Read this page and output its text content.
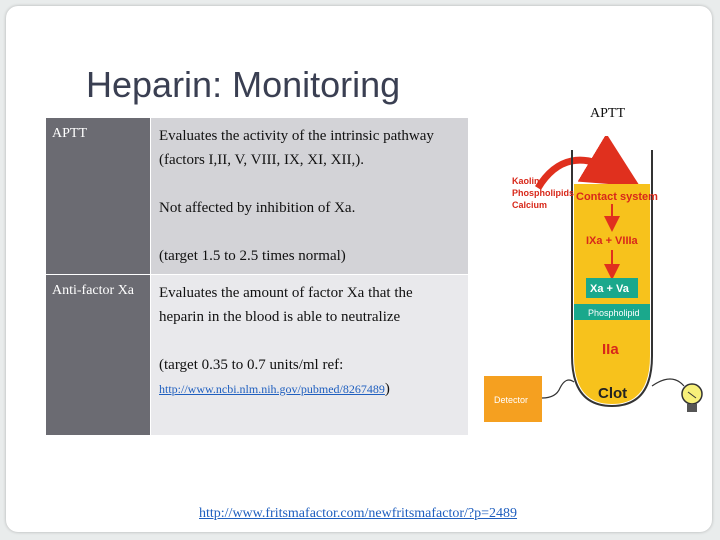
Heparin: Monitoring
APTT	Evaluates the activity of the intrinsic pathway (factors I,II, V, VIII, IX, XI, XII,).

Not affected by inhibition of Xa.

(target 1.5 to 2.5 times normal)

Anti-factor Xa	Evaluates the amount of factor Xa that the heparin in the blood is able to neutralize

(target 0.35 to 0.7 units/ml ref:
http://www.ncbi.nlm.nih.gov/pubmed/8267489)

APTT
Kaolin
Phospholipids
Calcium
Contact system
IXa + VIIIa
Xa + Va
Phospholipid
IIa
Clot
Detector
http://www.fritsmafactor.com/newfritsmafactor/?p=2489
